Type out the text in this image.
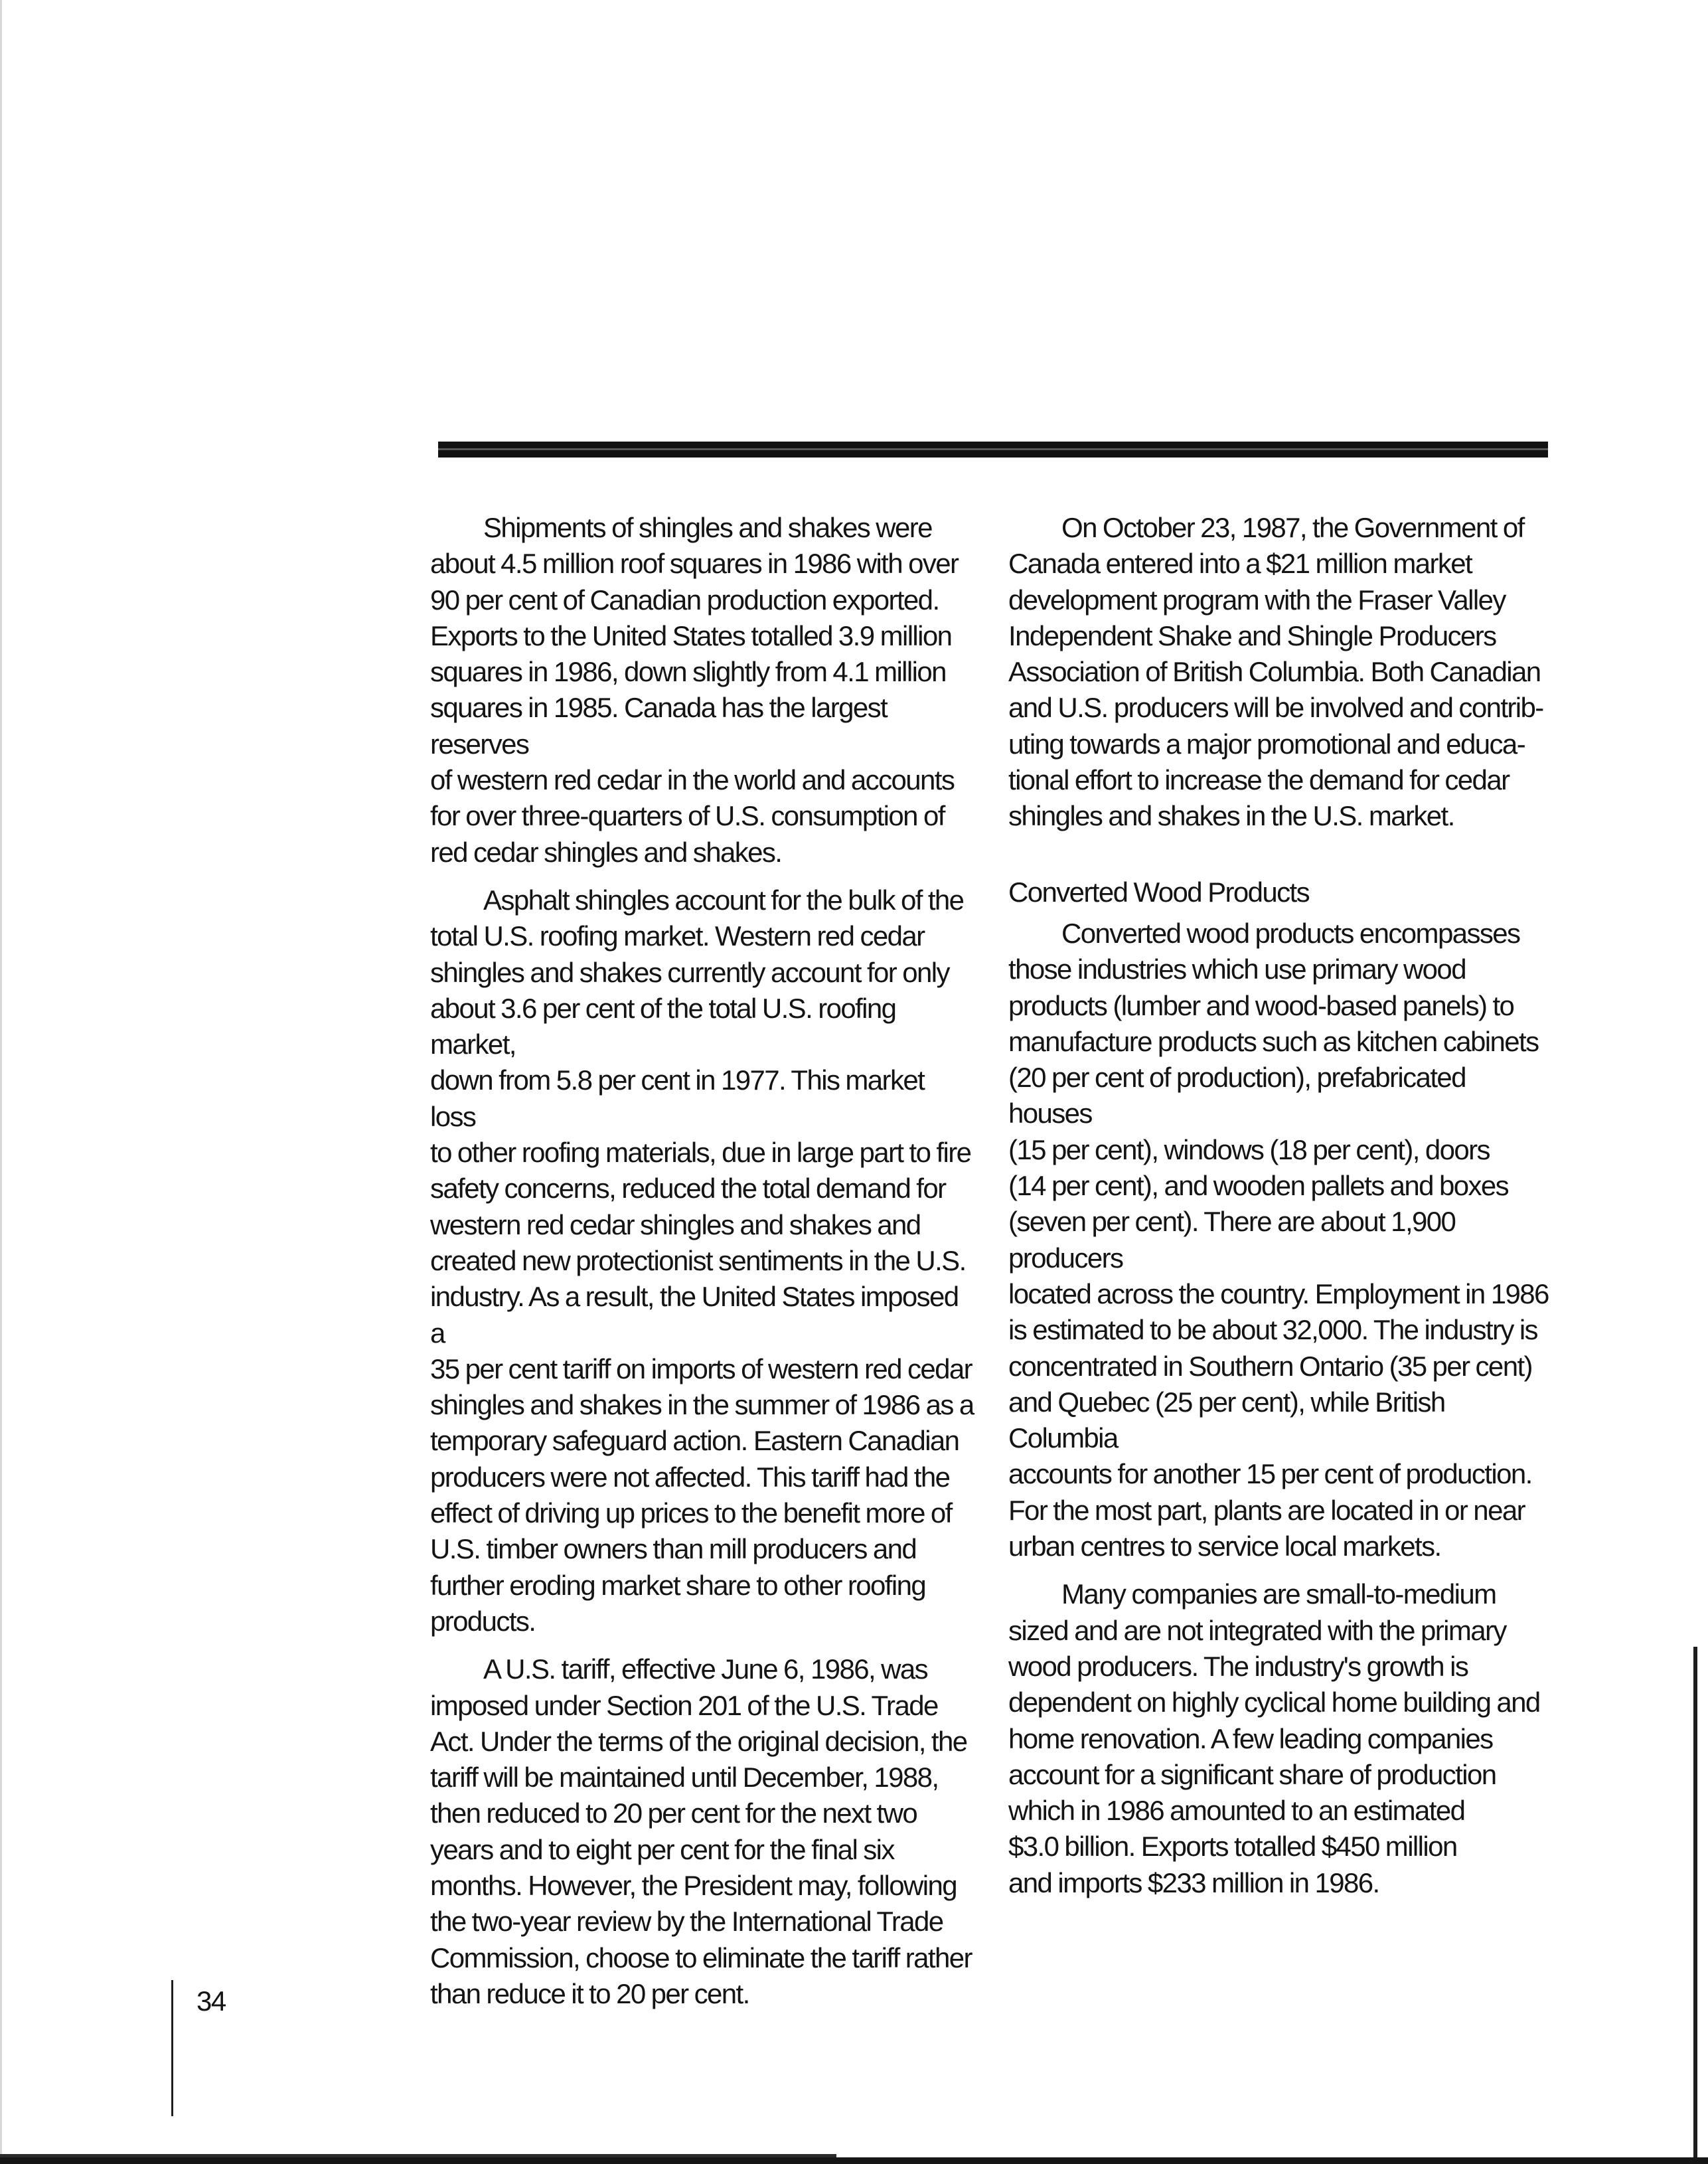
Shipments of shingles and shakes were
about 4.5 million roof squares in 1986 with over
90 per cent of Canadian production exported.
Exports to the United States totalled 3.9 million
squares in 1986, down slightly from 4.1 million
squares in 1985. Canada has the largest reserves
of western red cedar in the world and accounts
for over three-quarters of U.S. consumption of
red cedar shingles and shakes.

Asphalt shingles account for the bulk of the
total U.S. roofing market. Western red cedar
shingles and shakes currently account for only
about 3.6 per cent of the total U.S. roofing market,
down from 5.8 per cent in 1977. This market loss
to other roofing materials, due in large part to fire
safety concerns, reduced the total demand for
western red cedar shingles and shakes and
created new protectionist sentiments in the U.S.
industry. As a result, the United States imposed a
35 per cent tariff on imports of western red cedar
shingles and shakes in the summer of 1986 as a
temporary safeguard action. Eastern Canadian
producers were not affected. This tariff had the
effect of driving up prices to the benefit more of
U.S. timber owners than mill producers and
further eroding market share to other roofing
products.

A U.S. tariff, effective June 6, 1986, was
imposed under Section 201 of the U.S. Trade
Act. Under the terms of the original decision, the
tariff will be maintained until December, 1988,
then reduced to 20 per cent for the next two
years and to eight per cent for the final six
months. However, the President may, following
the two-year review by the International Trade
Commission, choose to eliminate the tariff rather
than reduce it to 20 per cent.

On October 23, 1987, the Government of
Canada entered into a $21 million market
development program with the Fraser Valley
Independent Shake and Shingle Producers
Association of British Columbia. Both Canadian
and U.S. producers will be involved and contrib-
uting towards a major promotional and educa-
tional effort to increase the demand for cedar
shingles and shakes in the U.S. market.

Converted Wood Products

Converted wood products encompasses
those industries which use primary wood
products (lumber and wood-based panels) to
manufacture products such as kitchen cabinets
(20 per cent of production), prefabricated houses
(15 per cent), windows (18 per cent), doors
(14 per cent), and wooden pallets and boxes
(seven per cent). There are about 1,900 producers
located across the country. Employment in 1986
is estimated to be about 32,000. The industry is
concentrated in Southern Ontario (35 per cent)
and Quebec (25 per cent), while British Columbia
accounts for another 15 per cent of production.
For the most part, plants are located in or near
urban centres to service local markets.

Many companies are small-to-medium
sized and are not integrated with the primary
wood producers. The industry's growth is
dependent on highly cyclical home building and
home renovation. A few leading companies
account for a significant share of production
which in 1986 amounted to an estimated
$3.0 billion. Exports totalled $450 million
and imports $233 million in 1986.

34
